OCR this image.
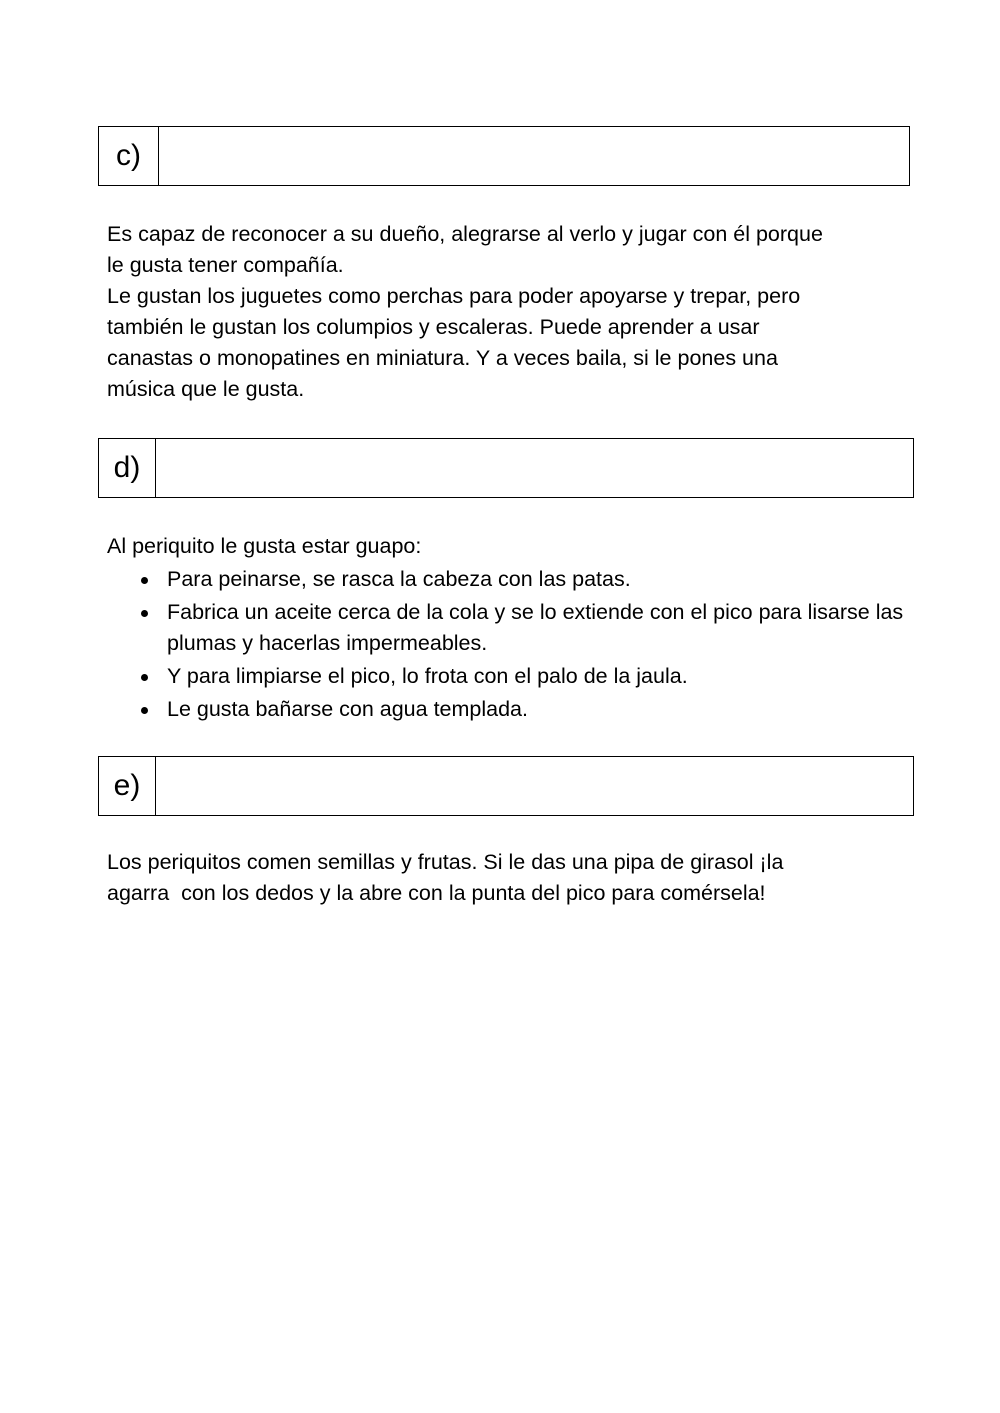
c)

Es capaz de reconocer a su dueño, alegrarse al verlo y jugar con él porque

le gusta tener compañía.

Le gustan los juguetes como perchas para poder apoyarse y trepar, pero

también le gustan los columpios y escaleras. Puede aprender a usar

canastas o monopatines en miniatura. Y a veces baila, si le pones una

música que le gusta.

d)

Al periquito le gusta estar guapo:

Para peinarse, se rasca la cabeza con las patas.
Fabrica un aceite cerca de la cola y se lo extiende con el pico para lisarse las plumas y hacerlas impermeables.
Y para limpiarse el pico, lo frota con el palo de la jaula.
Le gusta bañarse con agua templada.
e)

Los periquitos comen semillas y frutas. Si le das una pipa de girasol ¡la

agarra  con los dedos y la abre con la punta del pico para comérsela!
